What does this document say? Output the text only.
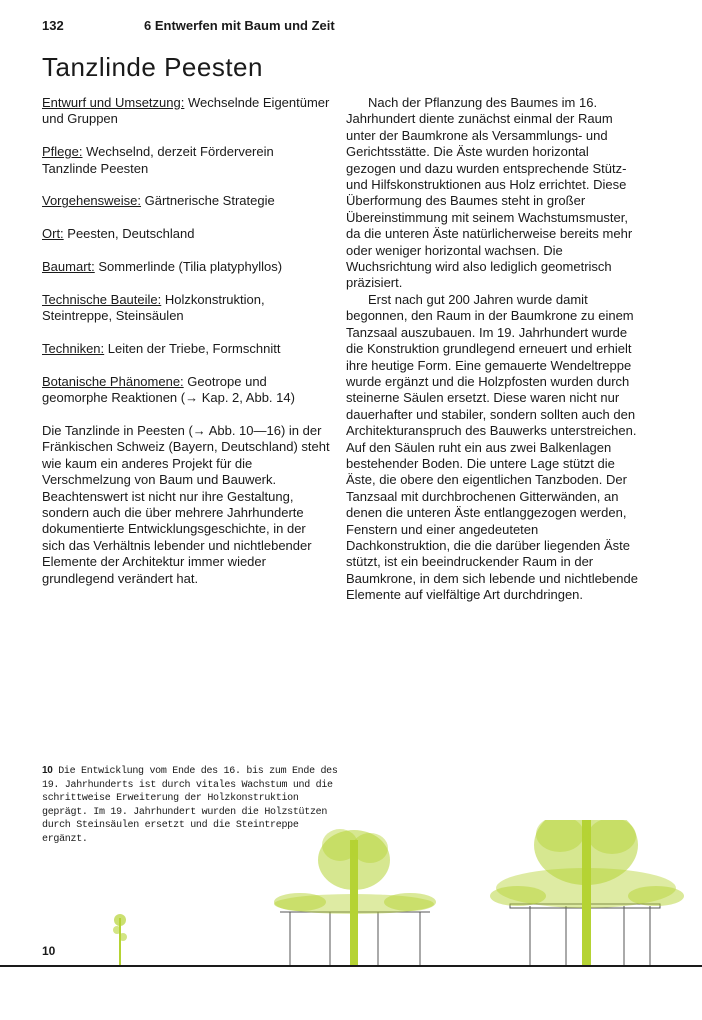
132	6 Entwerfen mit Baum und Zeit
Tanzlinde Peesten

Entwurf und Umsetzung: Wechselnde Eigentümer und Gruppen

Pflege: Wechselnd, derzeit Förderverein Tanzlinde Peesten

Vorgehensweise: Gärtnerische Strategie

Ort: Peesten, Deutschland

Baumart: Sommerlinde (Tilia platyphyllos)

Technische Bauteile: Holzkonstruktion, Steintreppe, Steinsäulen

Techniken: Leiten der Triebe, Formschnitt

Botanische Phänomene: Geotrope und geomorphe Reaktionen (→ Kap. 2, Abb. 14)

Die Tanzlinde in Peesten (→ Abb. 10—16) in der Fränkischen Schweiz (Bayern, Deutschland) steht wie kaum ein anderes Projekt für die Verschmelzung von Baum und Bauwerk. Beachtenswert ist nicht nur ihre Gestaltung, sondern auch die über mehrere Jahrhunderte dokumentierte Entwicklungsgeschichte, in der sich das Verhältnis lebender und nichtlebender Elemente der Architektur immer wieder grundlegend verändert hat.

Nach der Pflanzung des Baumes im 16. Jahrhundert diente zunächst einmal der Raum unter der Baumkrone als Versammlungs- und Gerichtsstätte. Die Äste wurden horizontal gezogen und dazu wurden entsprechende Stütz- und Hilfskonstruktionen aus Holz errichtet. Diese Überformung des Baumes steht in großer Übereinstimmung mit seinem Wachstumsmuster, da die unteren Äste natürlicherweise bereits mehr oder weniger horizontal wachsen. Die Wuchsrichtung wird also lediglich geometrisch präzisiert.

Erst nach gut 200 Jahren wurde damit begonnen, den Raum in der Baumkrone zu einem Tanzsaal auszubauen. Im 19. Jahrhundert wurde die Konstruktion grundlegend erneuert und erhielt ihre heutige Form. Eine gemauerte Wendeltreppe wurde ergänzt und die Holzpfosten wurden durch steinerne Säulen ersetzt. Diese waren nicht nur dauerhafter und stabiler, sondern sollten auch den Architekturanspruch des Bauwerks unterstreichen. Auf den Säulen ruht ein aus zwei Balkenlagen bestehender Boden. Die untere Lage stützt die Äste, die obere den eigentlichen Tanzboden. Der Tanzsaal mit durchbrochenen Gitterwänden, an denen die unteren Äste entlanggezogen werden, Fenstern und einer angedeuteten Dachkonstruktion, die die darüber liegenden Äste stützt, ist ein beeindruckender Raum in der Baumkrone, in dem sich lebende und nichtlebende Elemente auf vielfältige Art durchdringen.

10 Die Entwicklung vom Ende des 16. bis zum Ende des 19. Jahrhunderts ist durch vitales Wachstum und die schrittweise Erweiterung der Holzkonstruktion geprägt. Im 19. Jahrhundert wurden die Holzstützen durch Steinsäulen ersetzt und die Steintreppe ergänzt.
10
